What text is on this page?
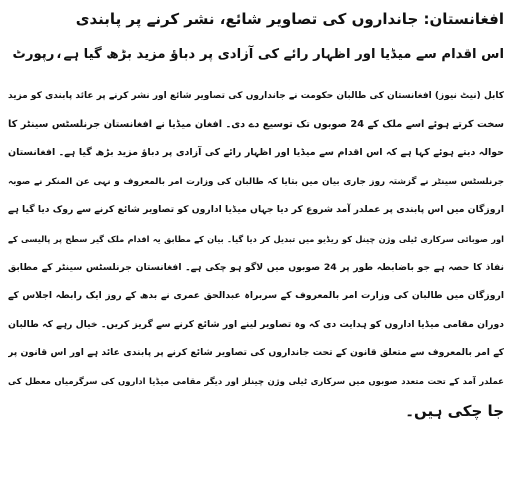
افغانستان: جانداروں کی تصاویر شائع، نشر کرنے پر پابندی
اس اقدام سے میڈیا اور اظہار رائے کی آزادی پر دباؤ مزید بڑھ گیا ہے،رپورٹ
کابل (نیٹ نیوز) افغانستان کی طالبان حکومت نے جانداروں کی تصاویر شائع اور نشر کرنے پر عائد پابندی کو مزید
سخت کرتے ہوئے اسے ملک کے 24 صوبوں تک توسیع دے دی۔ افغان میڈیا نے افغانستان جرنلسٹس سینٹر کا
حوالہ دیتے ہوئے کہا ہے کہ اس اقدام سے میڈیا اور اظہار رائے کی آزادی پر دباؤ مزید بڑھ گیا ہے۔ افغانستان
جرنلسٹس سینٹر نے گزشتہ روز جاری بیان میں بتایا کہ طالبان کی وزارت امر بالمعروف و نہی عن المنکر نے صوبہ
اروزگان میں اس پابندی پر عملدر آمد شروع کر دیا جہاں میڈیا اداروں کو تصاویر شائع کرنے سے روک دیا گیا ہے
اور صوبائی سرکاری ٹیلی وژن چینل کو ریڈیو میں تبدیل کر دیا گیا۔ بیان کے مطابق یہ اقدام ملک گیر سطح پر پالیسی کے
نفاذ کا حصہ ہے جو باضابطہ طور پر 24 صوبوں میں لاگو ہو چکی ہے۔ افغانستان جرنلسٹس سینٹر کے مطابق
اروزگان میں طالبان کی وزارت امر بالمعروف کے سربراہ عبدالحق عمری نے بدھ کے روز ایک رابطہ اجلاس کے
دوران مقامی میڈیا اداروں کو ہدایت دی کہ وہ تصاویر لینے اور شائع کرنے سے گریز کریں۔ خیال رہے کہ طالبان
کے امر بالمعروف سے متعلق قانون کے تحت جانداروں کی تصاویر شائع کرنے پر پابندی عائد ہے اور اس قانون پر
عملدر آمد کے تحت متعدد صوبوں میں سرکاری ٹیلی وژن چینلز اور دیگر مقامی میڈیا اداروں کی سرگرمیاں معطل کی
جا چکی ہیں۔
